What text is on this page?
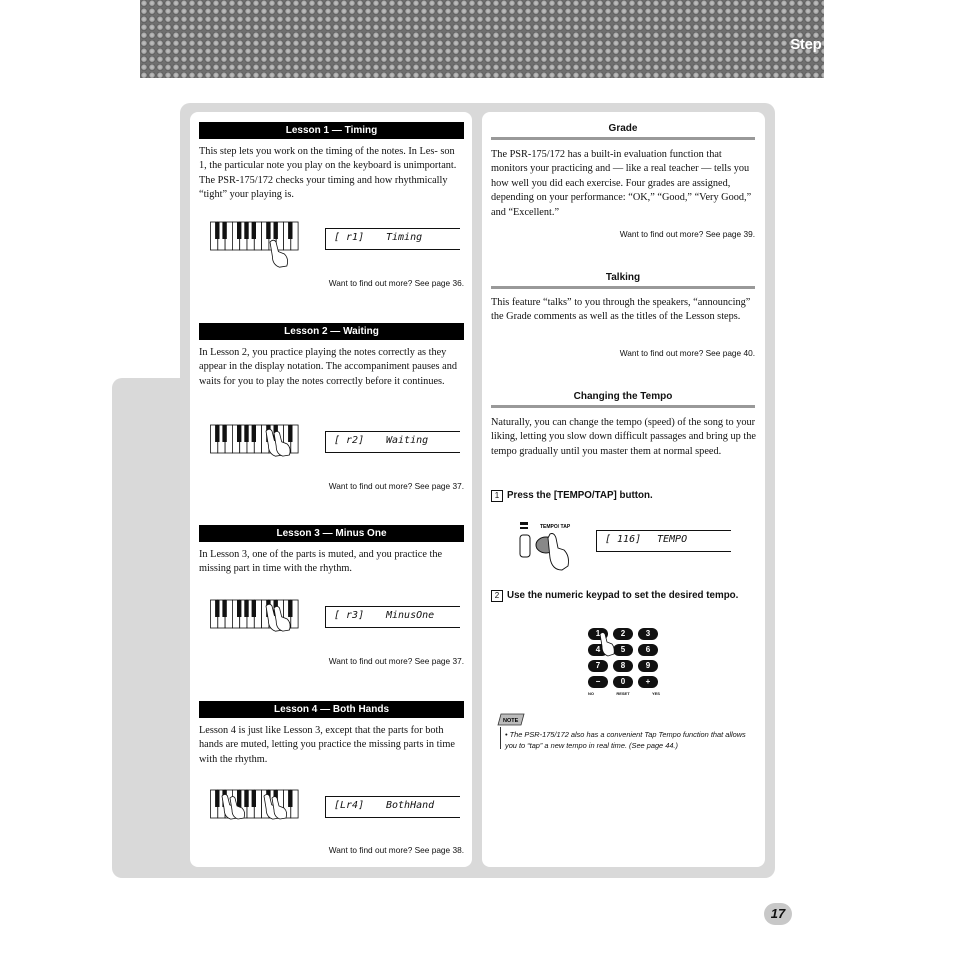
Step 4 Lesson
Lesson 1 — Timing

This step lets you work on the timing of the notes. In Les- son 1, the particular note you play on the keyboard is unimportant. The PSR-175/172 checks your timing and how rhythmically “tight” your playing is.

[ r1] Timing
Want to find out more? See page 36.
Lesson 2 — Waiting

In Lesson 2, you practice playing the notes correctly as they appear in the display notation. The accompaniment pauses and waits for you to play the notes correctly before it continues.

[ r2] Waiting
Want to find out more? See page 37.
Lesson 3 — Minus One

In Lesson 3, one of the parts is muted, and you practice the missing part in time with the rhythm.

[ r3] MinusOne
Want to find out more? See page 37.
Lesson 4 — Both Hands

Lesson 4 is just like Lesson 3, except that the parts for both hands are muted, letting you practice the missing parts in time with the rhythm.

[Lr4] BothHand
Want to find out more? See page 38.
Grade

The PSR-175/172 has a built-in evaluation function that monitors your practicing and — like a real teacher — tells you how well you did each exercise. Four grades are assigned, depending on your performance: “OK,” “Good,” “Very Good,” and “Excellent.”

Want to find out more? See page 39.
Talking

This feature “talks” to you through the speakers, “announcing” the Grade comments as well as the titles of the Lesson steps.

Want to find out more? See page 40.
Changing the Tempo

Naturally, you can change the tempo (speed) of the song to your liking, letting you slow down difficult passages and bring up the tempo gradually until you master them at normal speed.

1 Press the [TEMPO/TAP] button.
TEMPO/ TAP
[ 116] TEMPO
2 Use the numeric keypad to set the desired tempo.
1	2	3
4	5	6
7	8	9
−	0	+
NO	RESET	YES
NOTE
• The PSR-175/172 also has a convenient Tap Tempo function that allows you to “tap” a new tempo in real time. (See page 44.)
17
